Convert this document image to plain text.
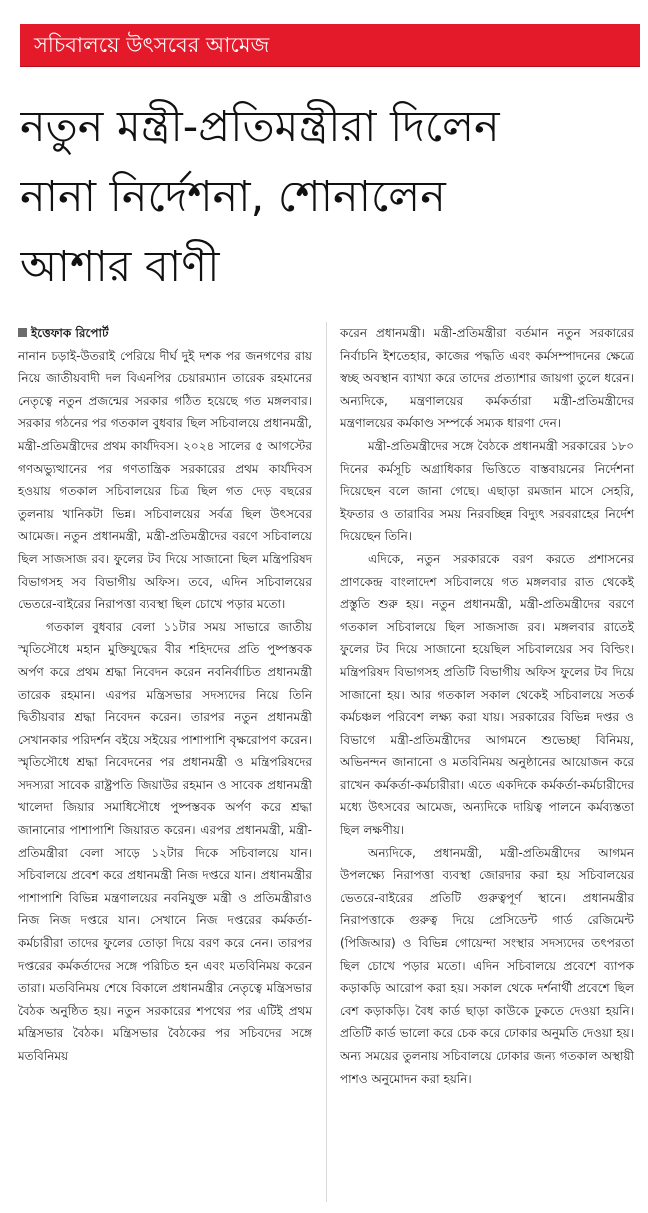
সচিবালয়ে উৎসবের আমেজ
নতুন মন্ত্রী-প্রতিমন্ত্রীরা দিলেন
নানা নির্দেশনা, শোনালেন
আশার বাণী
ইত্তেফাক রিপোর্ট

নানান চড়াই-উতরাই পেরিয়ে দীর্ঘ দুই দশক পর জনগণের রায় নিয়ে জাতীয়বাদী দল বিএনপির চেয়ারম্যান তারেক রহমানের নেতৃত্বে নতুন প্রজন্মের সরকার গঠিত হয়েছে গত মঙ্গলবার। সরকার গঠনের পর গতকাল বুধবার ছিল সচিবালয়ে প্রধানমন্ত্রী, মন্ত্রী-প্রতিমন্ত্রীদের প্রথম কার্যদিবস। ২০২৪ সালের ৫ আগস্টের গণঅভ্যুত্থানের পর গণতান্ত্রিক সরকারের প্রথম কার্যদিবস হওয়ায় গতকাল সচিবালয়ের চিত্র ছিল গত দেড় বছরের তুলনায় খানিকটা ভিন্ন। সচিবালয়ের সর্বত্র ছিল উৎসবের আমেজ। নতুন প্রধানমন্ত্রী, মন্ত্রী-প্রতিমন্ত্রীদের বরণে সচিবালয়ে ছিল সাজসাজ রব। ফুলের টব দিয়ে সাজানো ছিল মন্ত্রিপরিষদ বিভাগসহ সব বিভাগীয় অফিস। তবে, এদিন সচিবালয়ের ভেতরে-বাইরের নিরাপত্তা ব্যবস্থা ছিল চোখে পড়ার মতো।

গতকাল বুধবার বেলা ১১টার সময় সাভারে জাতীয় স্মৃতিসৌধে মহান মুক্তিযুদ্ধের বীর শহিদদের প্রতি পুষ্পস্তবক অর্পণ করে প্রথম শ্রদ্ধা নিবেদন করেন নবনির্বাচিত প্রধানমন্ত্রী তারেক রহমান। এরপর মন্ত্রিসভার সদস্যদের নিয়ে তিনি দ্বিতীয়বার শ্রদ্ধা নিবেদন করেন। তারপর নতুন প্রধানমন্ত্রী সেখানকার পরিদর্শন বইয়ে সইয়ের পাশাপাশি বৃক্ষরোপণ করেন। স্মৃতিসৌধে শ্রদ্ধা নিবেদনের পর প্রধানমন্ত্রী ও মন্ত্রিপরিষদের সদস্যরা সাবেক রাষ্ট্রপতি জিয়াউর রহমান ও সাবেক প্রধানমন্ত্রী খালেদা জিয়ার সমাধিসৌধে পুষ্পস্তবক অর্পণ করে শ্রদ্ধা জানানোর পাশাপাশি জিয়ারত করেন। এরপর প্রধানমন্ত্রী, মন্ত্রী-প্রতিমন্ত্রীরা বেলা সাড়ে ১২টার দিকে সচিবালয়ে যান। সচিবালয়ে প্রবেশ করে প্রধানমন্ত্রী নিজ দপ্তরে যান। প্রধানমন্ত্রীর পাশাপাশি বিভিন্ন মন্ত্রণালয়ের নবনিযুক্ত মন্ত্রী ও প্রতিমন্ত্রীরাও নিজ নিজ দপ্তরে যান। সেখানে নিজ দপ্তরের কর্মকর্তা-কর্মচারীরা তাদের ফুলের তোড়া দিয়ে বরণ করে নেন। তারপর দপ্তরের কর্মকর্তাদের সঙ্গে পরিচিত হন এবং মতবিনিময় করেন তারা। মতবিনিময় শেষে বিকালে প্রধানমন্ত্রীর নেতৃত্বে মন্ত্রিসভার বৈঠক অনুষ্ঠিত হয়। নতুন সরকারের শপথের পর এটিই প্রথম মন্ত্রিসভার বৈঠক। মন্ত্রিসভার বৈঠকের পর সচিবদের সঙ্গে মতবিনিময়

করেন প্রধানমন্ত্রী। মন্ত্রী-প্রতিমন্ত্রীরা বর্তমান নতুন সরকারের নির্বাচনি ইশতেহার, কাজের পদ্ধতি এবং কর্মসম্পাদনের ক্ষেত্রে স্বচ্ছ অবস্থান ব্যাখ্যা করে তাদের প্রত্যাশার জায়গা তুলে ধরেন। অন্যদিকে, মন্ত্রণালয়ের কর্মকর্তারা মন্ত্রী-প্রতিমন্ত্রীদের মন্ত্রণালয়ের কর্মকাণ্ড সম্পর্কে সম্যক ধারণা দেন।

মন্ত্রী-প্রতিমন্ত্রীদের সঙ্গে বৈঠকে প্রধানমন্ত্রী সরকারের ১৮০ দিনের কর্মসূচি অগ্রাধিকার ভিত্তিতে বাস্তবায়নের নির্দেশনা দিয়েছেন বলে জানা গেছে। এছাড়া রমজান মাসে সেহরি, ইফতার ও তারাবির সময় নিরবচ্ছিন্ন বিদ্যুৎ সরবরাহের নির্দেশ দিয়েছেন তিনি।

এদিকে, নতুন সরকারকে বরণ করতে প্রশাসনের প্রাণকেন্দ্র বাংলাদেশ সচিবালয়ে গত মঙ্গলবার রাত থেকেই প্রস্তুতি শুরু হয়। নতুন প্রধানমন্ত্রী, মন্ত্রী-প্রতিমন্ত্রীদের বরণে গতকাল সচিবালয়ে ছিল সাজসাজ রব। মঙ্গলবার রাতেই ফুলের টব দিয়ে সাজানো হয়েছিল সচিবালয়ের সব বিল্ডিং। মন্ত্রিপরিষদ বিভাগসহ প্রতিটি বিভাগীয় অফিস ফুলের টব দিয়ে সাজানো হয়। আর গতকাল সকাল থেকেই সচিবালয়ে সতর্ক কর্মচঞ্চল পরিবেশ লক্ষ্য করা যায়। সরকারের বিভিন্ন দপ্তর ও বিভাগে মন্ত্রী-প্রতিমন্ত্রীদের আগমনে শুভেচ্ছা বিনিময়, অভিনন্দন জানানো ও মতবিনিময় অনুষ্ঠানের আয়োজন করে রাখেন কর্মকর্তা-কর্মচারীরা। এতে একদিকে কর্মকর্তা-কর্মচারীদের মধ্যে উৎসবের আমেজ, অন্যদিকে দায়িত্ব পালনে কর্মব্যস্ততা ছিল লক্ষণীয়।

অন্যদিকে, প্রধানমন্ত্রী, মন্ত্রী-প্রতিমন্ত্রীদের আগমন উপলক্ষ্যে নিরাপত্তা ব্যবস্থা জোরদার করা হয় সচিবালয়ের ভেতরে-বাইরের প্রতিটি গুরুত্বপূর্ণ স্থানে। প্রধানমন্ত্রীর নিরাপত্তাকে গুরুত্ব দিয়ে প্রেসিডেন্ট গার্ড রেজিমেন্ট (পিজিআর) ও বিভিন্ন গোয়েন্দা সংস্থার সদস্যদের তৎপরতা ছিল চোখে পড়ার মতো। এদিন সচিবালয়ে প্রবেশে ব্যাপক কড়াকড়ি আরোপ করা হয়। সকাল থেকে দর্শনার্থী প্রবেশে ছিল বেশ কড়াকড়ি। বৈধ কার্ড ছাড়া কাউকে ঢুকতে দেওয়া হয়নি। প্রতিটি কার্ড ভালো করে চেক করে ঢোকার অনুমতি দেওয়া হয়। অন্য সময়ের তুলনায় সচিবালয়ে ঢোকার জন্য গতকাল অস্থায়ী পাশও অনুমোদন করা হয়নি।
